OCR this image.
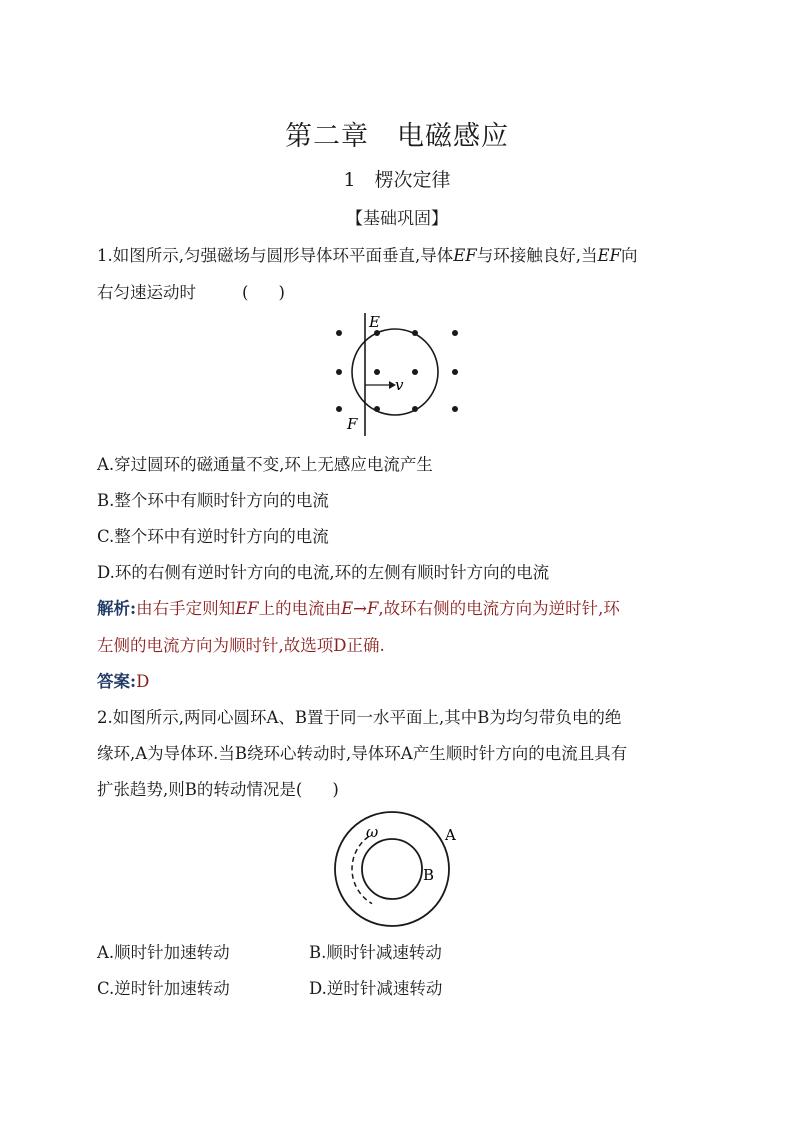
第二章　电磁感应
1　楞次定律
【基础巩固】
1.如图所示,匀强磁场与圆形导体环平面垂直,导体EF与环接触良好,当EF向
右匀速运动时	( )
E
F
v
A.穿过圆环的磁通量不变,环上无感应电流产生
B.整个环中有顺时针方向的电流
C.整个环中有逆时针方向的电流
D.环的右侧有逆时针方向的电流,环的左侧有顺时针方向的电流
解析:由右手定则知EF上的电流由E→F,故环右侧的电流方向为逆时针,环
左侧的电流方向为顺时针,故选项D正确.
答案:D
2.如图所示,两同心圆环A、B置于同一水平面上,其中B为均匀带负电的绝
缘环,A为导体环.当B绕环心转动时,导体环A产生顺时针方向的电流且具有
扩张趋势,则B的转动情况是( )
ω	A
B
A.顺时针加速转动	B.顺时针减速转动
C.逆时针加速转动	D.逆时针减速转动
